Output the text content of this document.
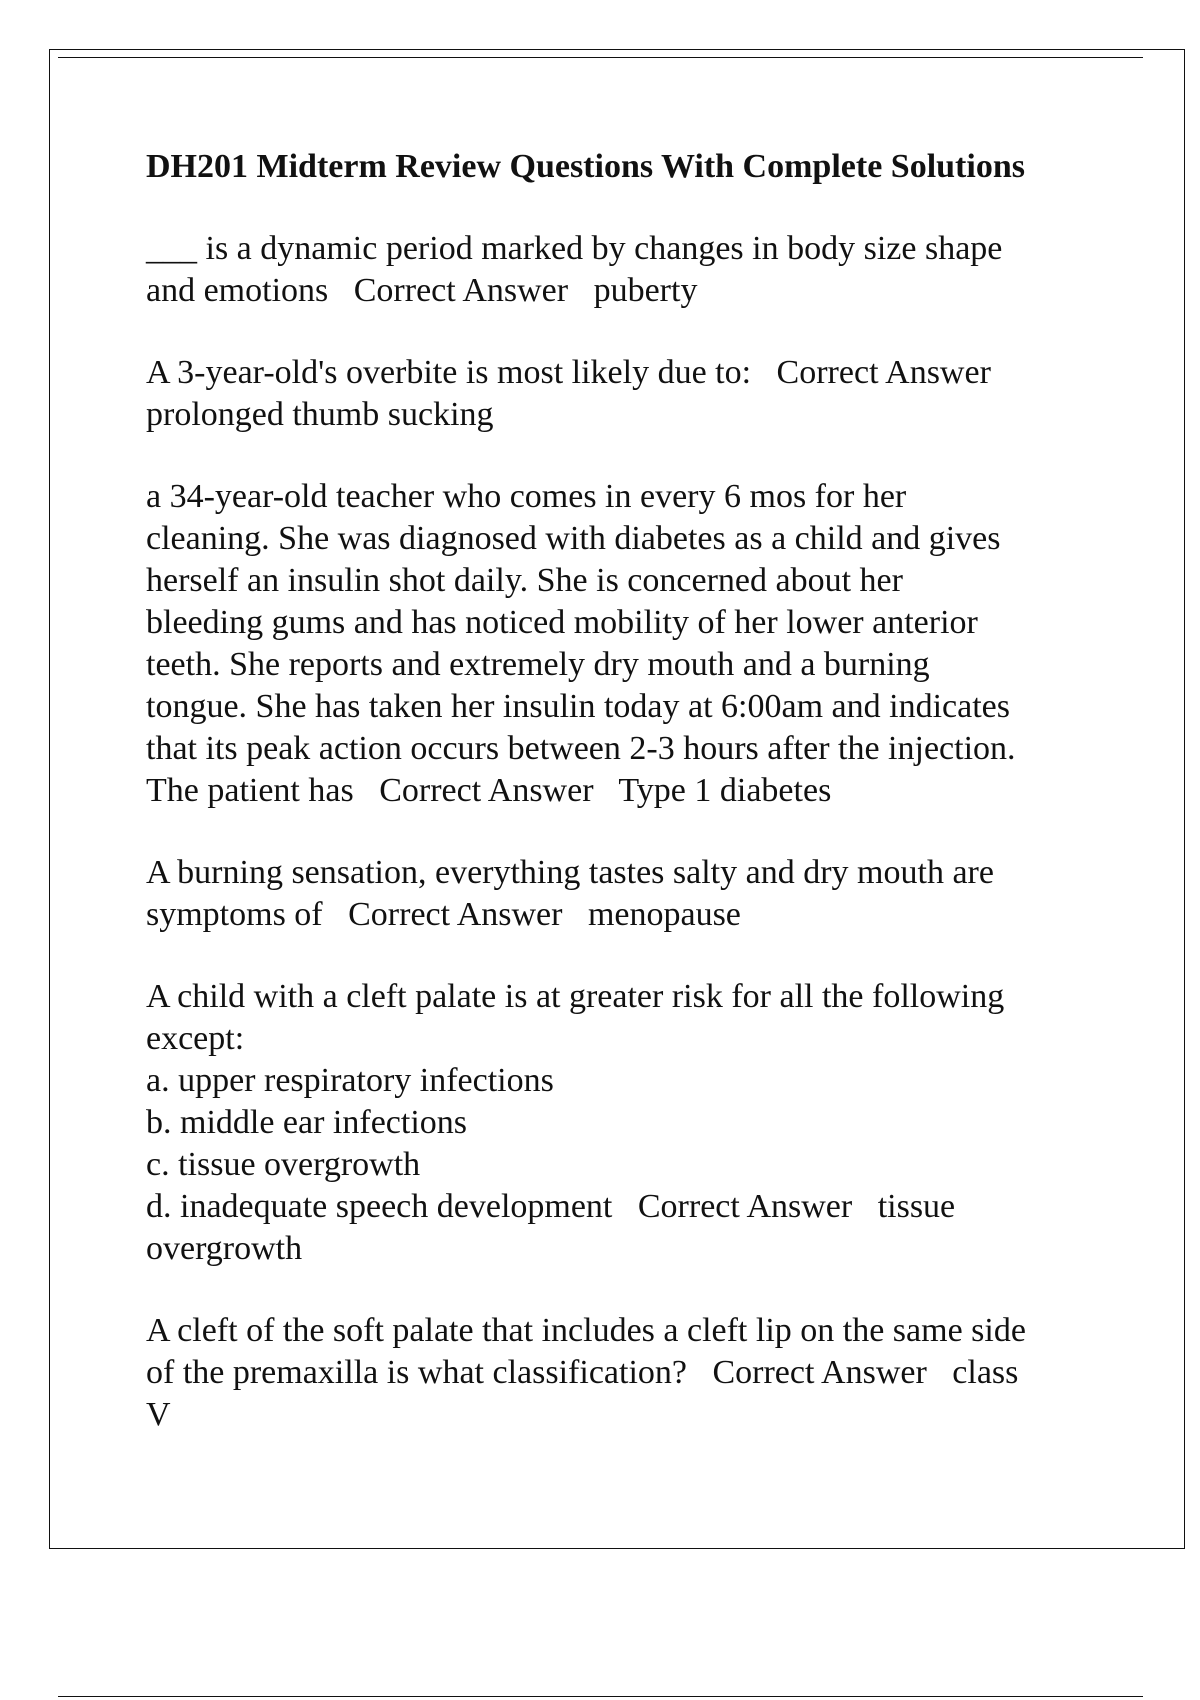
DH201 Midterm Review Questions With Complete Solutions
___ is a dynamic period marked by changes in body size shape
and emotions   Correct Answer   puberty
A 3-year-old's overbite is most likely due to:   Correct Answer
prolonged thumb sucking
a 34-year-old teacher who comes in every 6 mos for her
cleaning. She was diagnosed with diabetes as a child and gives
herself an insulin shot daily. She is concerned about her
bleeding gums and has noticed mobility of her lower anterior
teeth. She reports and extremely dry mouth and a burning
tongue. She has taken her insulin today at 6:00am and indicates
that its peak action occurs between 2-3 hours after the injection.
The patient has   Correct Answer   Type 1 diabetes
A burning sensation, everything tastes salty and dry mouth are
symptoms of   Correct Answer   menopause
A child with a cleft palate is at greater risk for all the following
except:
a. upper respiratory infections
b. middle ear infections
c. tissue overgrowth
d. inadequate speech development   Correct Answer   tissue
overgrowth
A cleft of the soft palate that includes a cleft lip on the same side
of the premaxilla is what classification?   Correct Answer   class
V
